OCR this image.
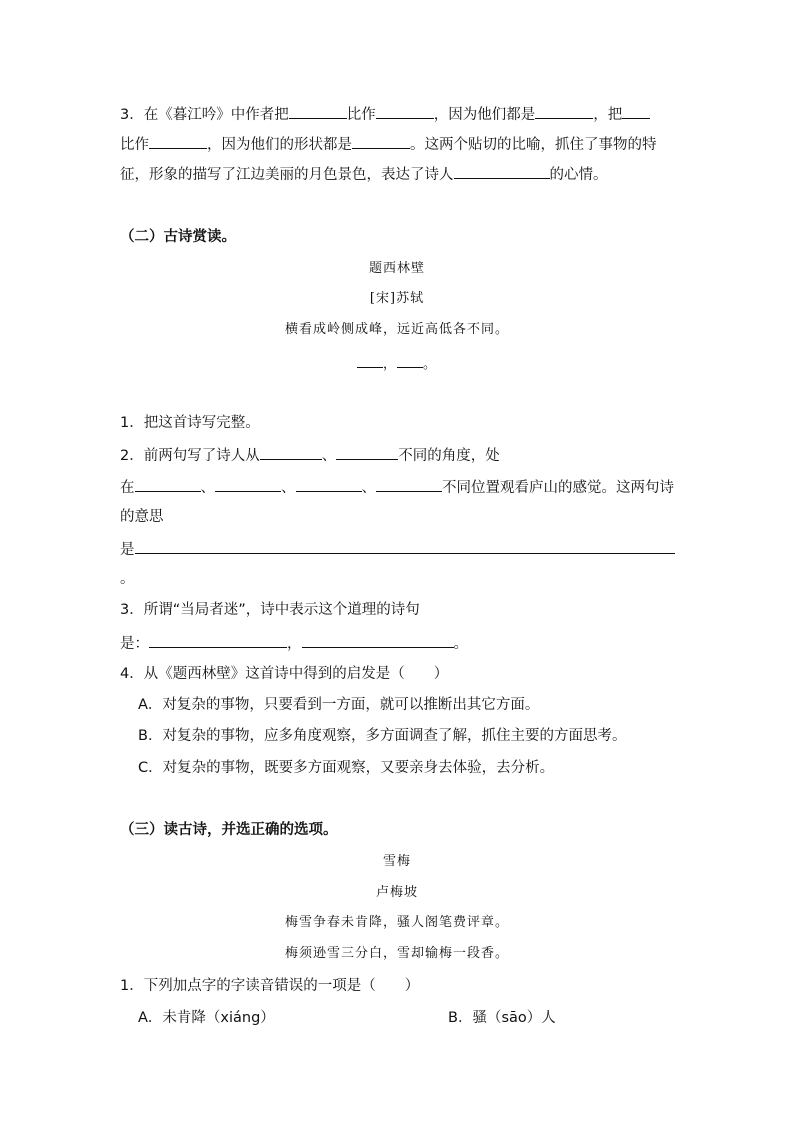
3．在《暮江吟》中作者把	比作	，因为他们都是	，把
比作	，因为他们的形状都是	。这两个贴切的比喻，抓住了事物的特
征，形象的描写了江边美丽的月色景色，表达了诗人	的心情。
（二）古诗赏读。
题西林壁
[宋]苏轼
横看成岭侧成峰，远近高低各不同。
， 。
1．把这首诗写完整。
2．前两句写了诗人从	、	不同的角度，处
在	、	、	、	不同位置观看庐山的感觉。这两句诗
的意思
是
。
3．所谓“当局者迷”，诗中表示这个道理的诗句
是：	，	。
4．从《题西林壁》这首诗中得到的启发是（　　）
A．对复杂的事物，只要看到一方面，就可以推断出其它方面。
B．对复杂的事物，应多角度观察，多方面调查了解，抓住主要的方面思考。
C．对复杂的事物，既要多方面观察，又要亲身去体验，去分析。
（三）读古诗，并选正确的选项。
雪梅
卢梅坡
梅雪争春未肯降，骚人阁笔费评章。
梅须逊雪三分白，雪却输梅一段香。
1．下列加点字的字读音错误的一项是（　　）
A．未肯降（xiáng）	B．骚（sāo）人
